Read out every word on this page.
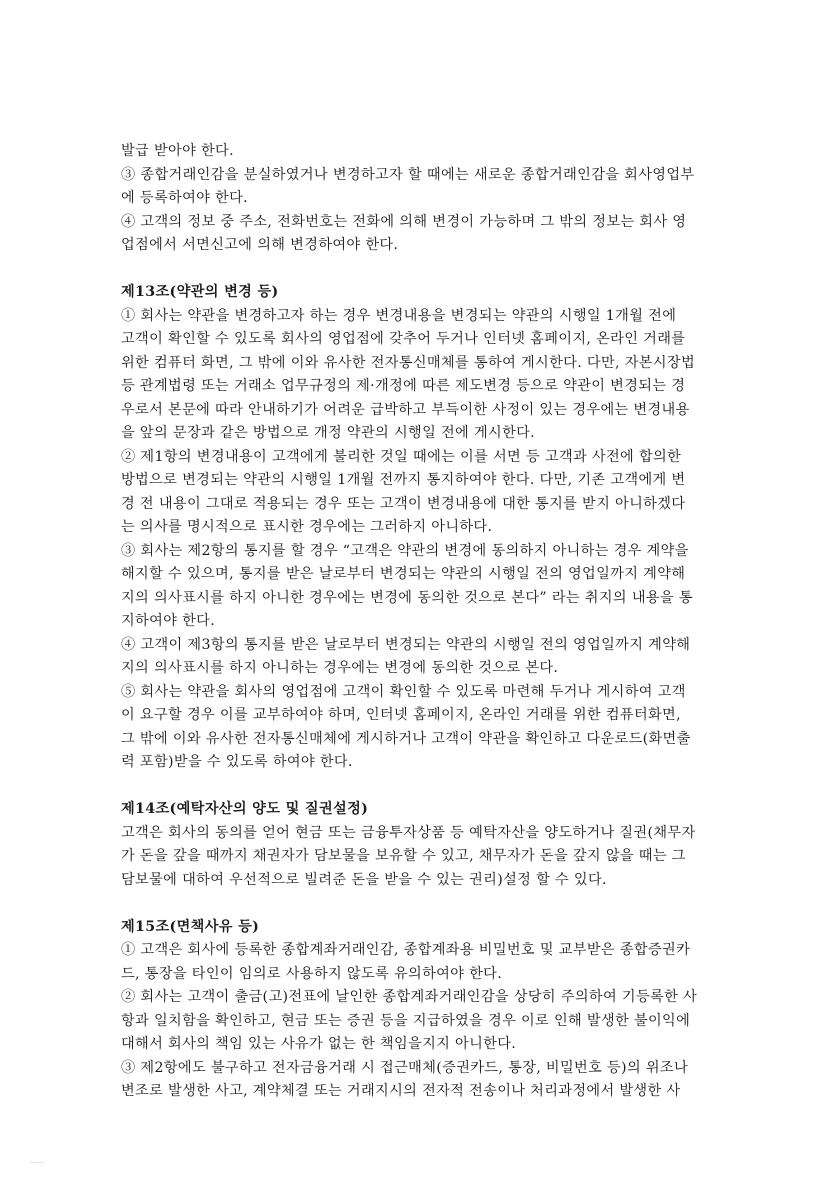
발급 받아야 한다.
③ 종합거래인감을 분실하였거나 변경하고자 할 때에는 새로운 종합거래인감을 회사영업부
에 등록하여야 한다.
④ 고객의 정보 중 주소, 전화번호는 전화에 의해 변경이 가능하며 그 밖의 정보는 회사 영
업점에서 서면신고에 의해 변경하여야 한다.
제13조(약관의 변경 등)
① 회사는 약관을 변경하고자 하는 경우 변경내용을 변경되는 약관의 시행일 1개월 전에
고객이 확인할 수 있도록 회사의 영업점에 갖추어 두거나 인터넷 홈페이지, 온라인 거래를
위한 컴퓨터 화면, 그 밖에 이와 유사한 전자통신매체를 통하여 게시한다. 다만, 자본시장법
등 관계법령 또는 거래소 업무규정의 제·개정에 따른 제도변경 등으로 약관이 변경되는 경
우로서 본문에 따라 안내하기가 어려운 급박하고 부득이한 사정이 있는 경우에는 변경내용
을 앞의 문장과 같은 방법으로 개정 약관의 시행일 전에 게시한다.
② 제1항의 변경내용이 고객에게 불리한 것일 때에는 이를 서면 등 고객과 사전에 합의한
방법으로 변경되는 약관의 시행일 1개월 전까지 통지하여야 한다. 다만, 기존 고객에게 변
경 전 내용이 그대로 적용되는 경우 또는 고객이 변경내용에 대한 통지를 받지 아니하겠다
는 의사를 명시적으로 표시한 경우에는 그러하지 아니하다.
③ 회사는 제2항의 통지를 할 경우 “고객은 약관의 변경에 동의하지 아니하는 경우 계약을
해지할 수 있으며, 통지를 받은 날로부터 변경되는 약관의 시행일 전의 영업일까지 계약해
지의 의사표시를 하지 아니한 경우에는 변경에 동의한 것으로 본다” 라는 취지의 내용을 통
지하여야 한다.
④ 고객이 제3항의 통지를 받은 날로부터 변경되는 약관의 시행일 전의 영업일까지 계약해
지의 의사표시를 하지 아니하는 경우에는 변경에 동의한 것으로 본다.
⑤ 회사는 약관을 회사의 영업점에 고객이 확인할 수 있도록 마련해 두거나 게시하여 고객
이 요구할 경우 이를 교부하여야 하며, 인터넷 홈페이지, 온라인 거래를 위한 컴퓨터화면,
그 밖에 이와 유사한 전자통신매체에 게시하거나 고객이 약관을 확인하고 다운로드(화면출
력 포함)받을 수 있도록 하여야 한다.
제14조(예탁자산의 양도 및 질권설정)
고객은 회사의 동의를 얻어 현금 또는 금융투자상품 등 예탁자산을 양도하거나 질권(채무자
가 돈을 갚을 때까지 채권자가 담보물을 보유할 수 있고, 채무자가 돈을 갚지 않을 때는 그
담보물에 대하여 우선적으로 빌려준 돈을 받을 수 있는 권리)설정 할 수 있다.
제15조(면책사유 등)
① 고객은 회사에 등록한 종합계좌거래인감, 종합계좌용 비밀번호 및 교부받은 종합증권카
드, 통장을 타인이 임의로 사용하지 않도록 유의하여야 한다.
② 회사는 고객이 출금(고)전표에 날인한 종합계좌거래인감을 상당히 주의하여 기등록한 사
항과 일치함을 확인하고, 현금 또는 증권 등을 지급하였을 경우 이로 인해 발생한 불이익에
대해서 회사의 책임 있는 사유가 없는 한 책임을지지 아니한다.
③ 제2항에도 불구하고 전자금융거래 시 접근매체(증권카드, 통장, 비밀번호 등)의 위조나
변조로 발생한 사고, 계약체결 또는 거래지시의 전자적 전송이나 처리과정에서 발생한 사
